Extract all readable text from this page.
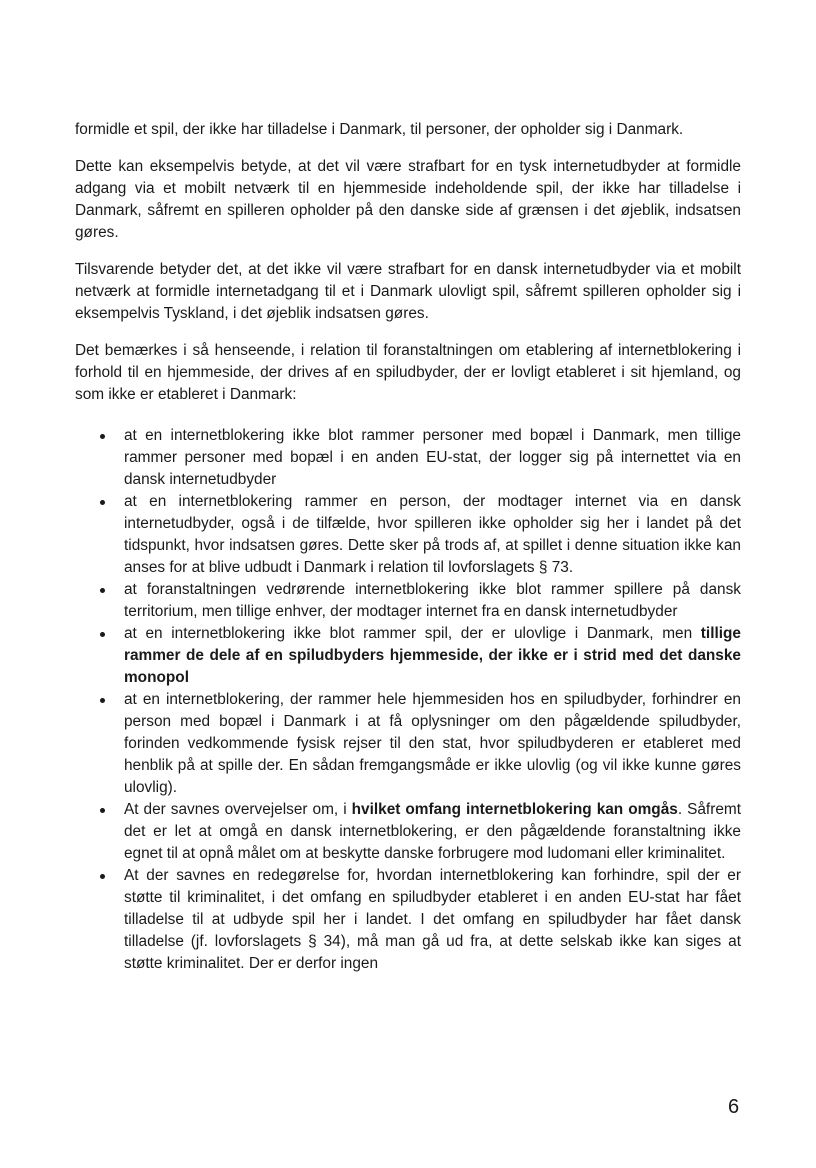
formidle et spil, der ikke har tilladelse i Danmark, til personer, der opholder sig i Danmark.

Dette kan eksempelvis betyde, at det vil være strafbart for en tysk internetudbyder at formidle adgang via et mobilt netværk til en hjemmeside indeholdende spil, der ikke har tilladelse i Danmark, såfremt en spilleren opholder på den danske side af grænsen i det øjeblik, indsatsen gøres.

Tilsvarende betyder det, at det ikke vil være strafbart for en dansk internetudbyder via et mobilt netværk at formidle internetadgang til et i Danmark ulovligt spil, såfremt spilleren opholder sig i eksempelvis Tyskland, i det øjeblik indsatsen gøres.

Det bemærkes i så henseende, i relation til foranstaltningen om etablering af internetblokering i forhold til en hjemmeside, der drives af en spiludbyder, der er lovligt etableret i sit hjemland, og som ikke er etableret i Danmark:

at en internetblokering ikke blot rammer personer med bopæl i Danmark, men tillige rammer personer med bopæl i en anden EU-stat, der logger sig på internettet via en dansk internetudbyder
at en internetblokering rammer en person, der modtager internet via en dansk internetudbyder, også i de tilfælde, hvor spilleren ikke opholder sig her i landet på det tidspunkt, hvor indsatsen gøres. Dette sker på trods af, at spillet i denne situation ikke kan anses for at blive udbudt i Danmark i relation til lovforslagets § 73.
at foranstaltningen vedrørende internetblokering ikke blot rammer spillere på dansk territorium, men tillige enhver, der modtager internet fra en dansk internetudbyder
at en internetblokering ikke blot rammer spil, der er ulovlige i Danmark, men tillige rammer de dele af en spiludbyders hjemmeside, der ikke er i strid med det danske monopol
at en internetblokering, der rammer hele hjemmesiden hos en spiludbyder, forhindrer en person med bopæl i Danmark i at få oplysninger om den pågældende spiludbyder, forinden vedkommende fysisk rejser til den stat, hvor spiludbyderen er etableret med henblik på at spille der. En sådan fremgangsmåde er ikke ulovlig (og vil ikke kunne gøres ulovlig).
At der savnes overvejelser om, i hvilket omfang internetblokering kan omgås. Såfremt det er let at omgå en dansk internetblokering, er den pågældende foranstaltning ikke egnet til at opnå målet om at beskytte danske forbrugere mod ludomani eller kriminalitet.
At der savnes en redegørelse for, hvordan internetblokering kan forhindre, spil der er støtte til kriminalitet, i det omfang en spiludbyder etableret i en anden EU-stat har fået tilladelse til at udbyde spil her i landet. I det omfang en spiludbyder har fået dansk tilladelse (jf. lovforslagets § 34), må man gå ud fra, at dette selskab ikke kan siges at støtte kriminalitet. Der er derfor ingen
6
